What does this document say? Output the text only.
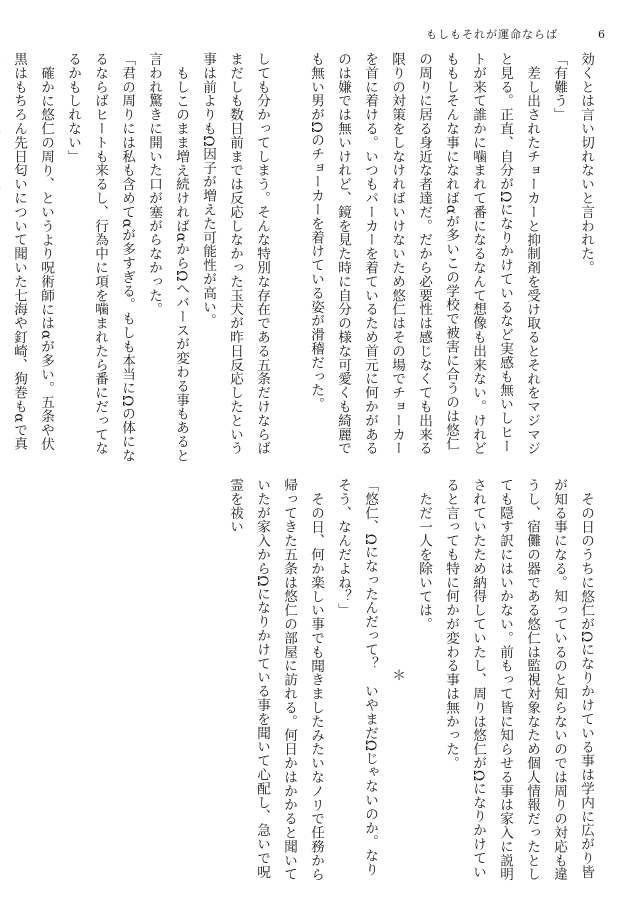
もしもそれが運命ならば	6

効くとは言い切れないと言われた。

「有難う」

差し出されたチョーカーと抑制剤を受け取るとそれをマジマジと見る。正直、自分がΩになりかけているなど実感も無いしヒートが来て誰かに噛まれて番になるなんて想像も出来ない。けれどももしそんな事になればαが多いこの学校で被害に合うのは悠仁の周りに居る身近な者達だ。だから必要性は感じなくても出来る限りの対策をしなければいけないため悠仁はその場でチョーカーを首に着ける。いつもパーカーを着ているため首元に何かがあるのは嫌では無いけれど、鏡を見た時に自分の様な可愛くも綺麗でも無い男がΩのチョーカーを着けている姿が滑稽だった。

しても分かってしまう。そんな特別な存在である五条だけならばまだしも数日前までは反応しなかった玉犬が昨日反応したという事は前よりもΩ因子が増えた可能性が高い。

もしこのまま増え続ければαからΩへバースが変わる事もあると言われ驚きに開いた口が塞がらなかった。

「君の周りには私も含めてαが多すぎる。もしも本当にΩの体になるならばヒートも来るし、行為中に項を噛まれたら番にだってなるかもしれない」

確かに悠仁の周り、というより呪術師にはαが多い。五条や伏黒はもちろん先日匂いについて聞いた七海や釘崎、狗巻もαで真

その日のうちに悠仁がΩになりかけている事は学内に広がり皆が知る事になる。知っているのと知らないのでは周りの対応も違うし、宿儺の器である悠仁は監視対象なため個人情報だったとしても隠す訳にはいかない。前もって皆に知らせる事は家入に説明されていたため納得していたし、周りは悠仁がΩになりかけていると言っても特に何かが変わる事は無かった。

ただ一人を除いては。

＊

「悠仁、Ωになったんだって？　いやまだΩじゃないのか。なりそう、なんだよね？」

その日、何か楽しい事でも聞きましたみたいなノリで任務から帰ってきた五条は悠仁の部屋に訪れる。何日かはかかると聞いていたが家入からΩになりかけている事を聞いて心配し、急いで呪霊を祓い
